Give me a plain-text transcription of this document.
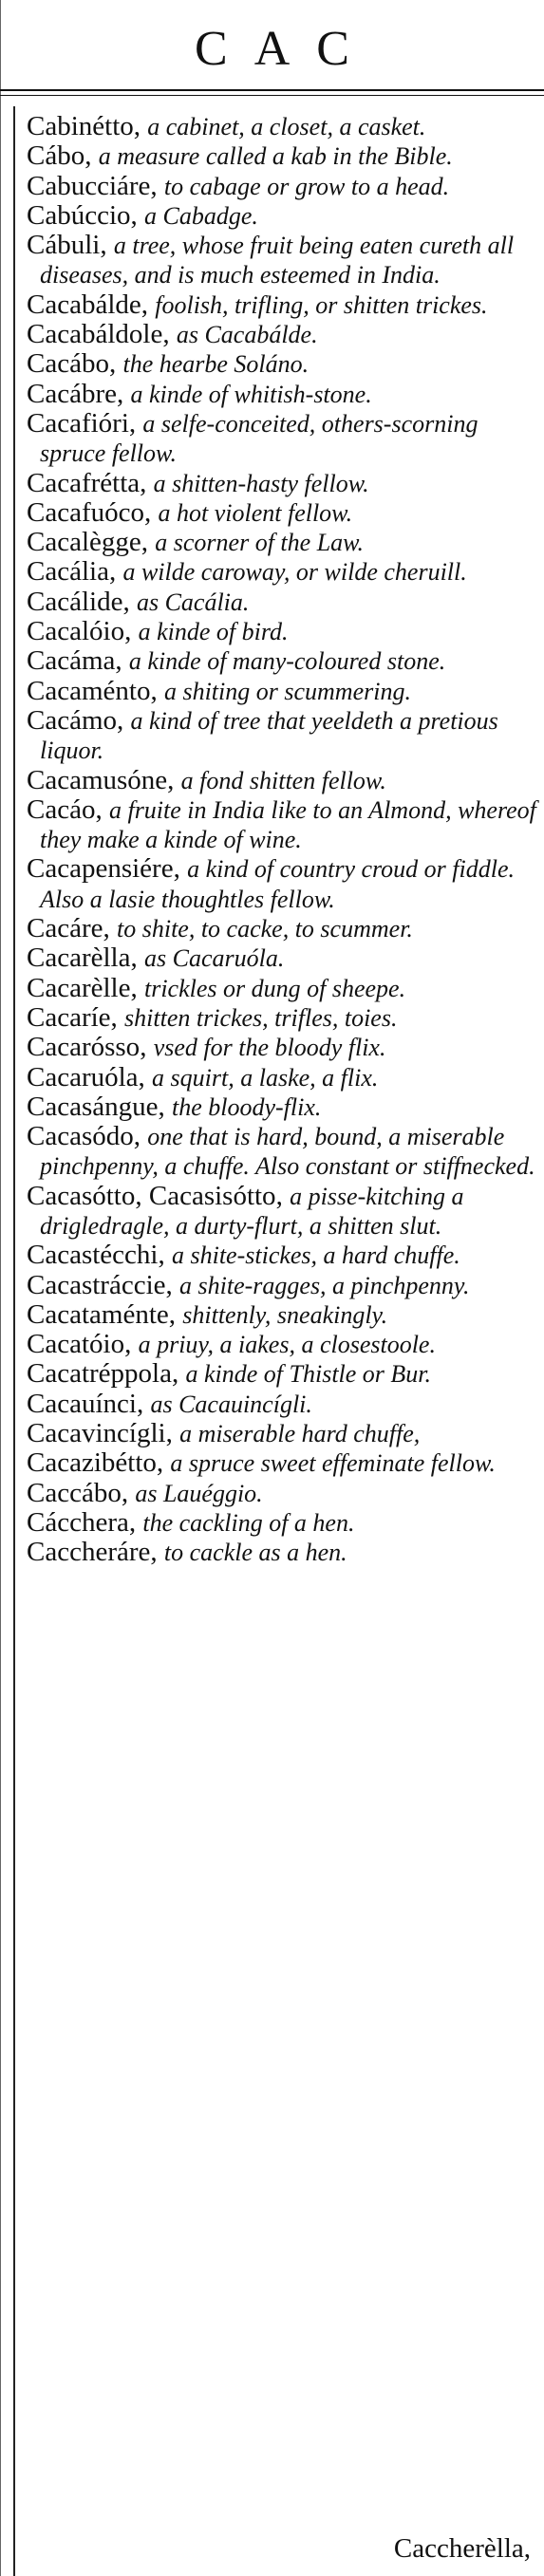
CAC

Cabinétto, a cabinet, a closet, a casket.

Cábo, a measure called a kab in the Bible.

Cabucciáre, to cabage or grow to a head.

Cabúccio, a Cabadge.

Cábuli, a tree, whose fruit being eaten cureth all diseases, and is much esteemed in India.

Cacabálde, foolish, trifling, or shitten trickes.

Cacabáldole, as Cacabálde.

Cacábo, the hearbe Soláno.

Cacábre, a kinde of whitish-stone.

Cacafióri, a selfe-conceited, others-scorning spruce fellow.

Cacafrétta, a shitten-hasty fellow.

Cacafuóco, a hot violent fellow.

Cacalègge, a scorner of the Law.

Cacália, a wilde caroway, or wilde cheruill.

Cacálide, as Cacália.

Cacalóio, a kinde of bird.

Cacáma, a kinde of many-coloured stone.

Cacaménto, a shiting or scummering.

Cacámo, a kind of tree that yeeldeth a pretious liquor.

Cacamusóne, a fond shitten fellow.

Cacáo, a fruite in India like to an Almond, whereof they make a kinde of wine.

Cacapensiére, a kind of country croud or fiddle. Also a lasie thoughtles fellow.

Cacáre, to shite, to cacke, to scummer.

Cacarèlla, as Cacaruóla.

Cacarèlle, trickles or dung of sheepe.

Cacaríe, shitten trickes, trifles, toies.

Cacarósso, vsed for the bloody flix.

Cacaruóla, a squirt, a laske, a flix.

Cacasángue, the bloody-flix.

Cacasódo, one that is hard, bound, a miserable pinchpenny, a chuffe. Also constant or stiffnecked.

Cacasótto, Cacasisótto, a pisse-kitching a drigledragle, a durty-flurt, a shitten slut.

Cacastécchi, a shite-stickes, a hard chuffe.

Cacastráccie, a shite-ragges, a pinchpenny.

Cacataménte, shittenly, sneakingly.

Cacatóio, a priuy, a iakes, a closestoole.

Cacatréppola, a kinde of Thistle or Bur.

Cacauínci, as Cacauincígli.

Cacavincígli, a miserable hard chuffe,

Cacazibétto, a spruce sweet effeminate fellow.

Caccábo, as Lauéggio.

Cácchera, the cackling of a hen.

Caccheráre, to cackle as a hen.

Caccherèlla,
